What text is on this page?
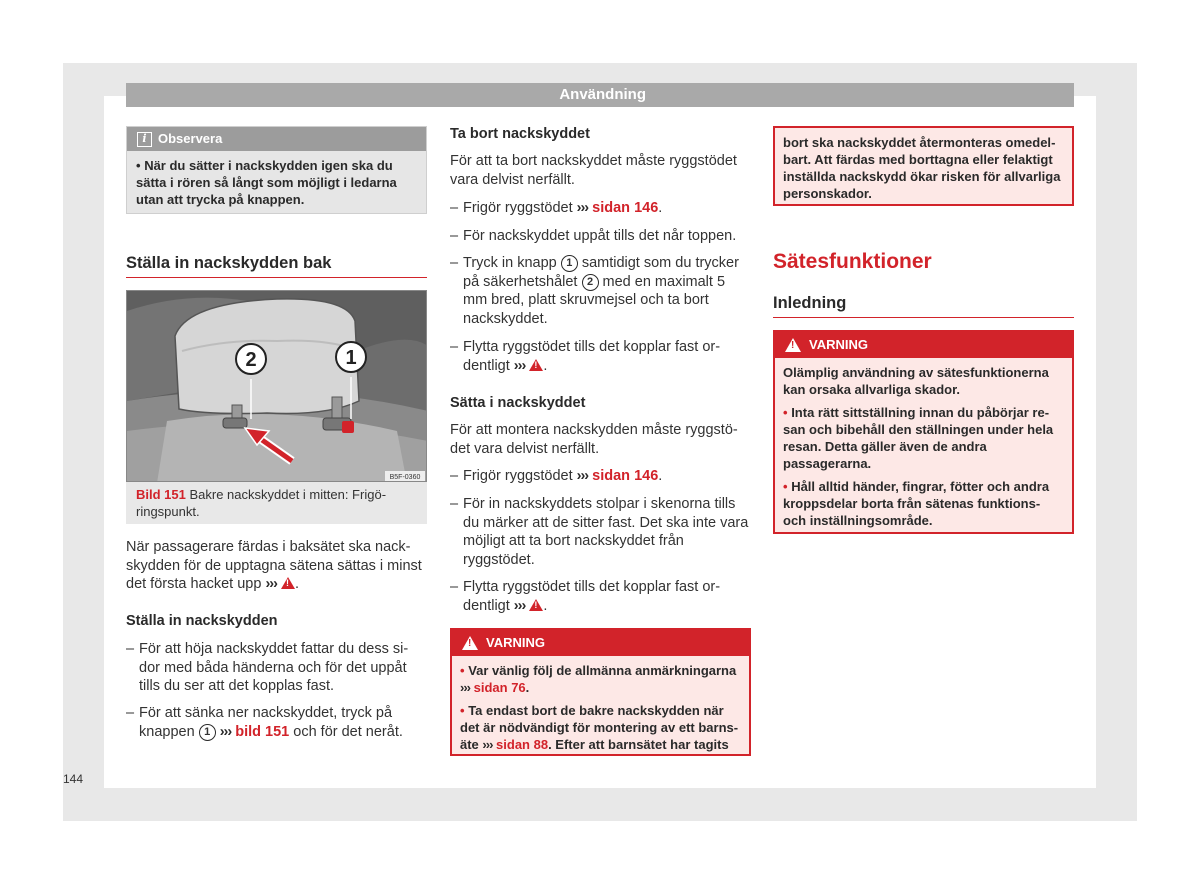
Användning
i Observera
• När du sätter i nackskydden igen ska du sätta i rören så långt som möjligt i ledarna utan att trycka på knappen.
Ställa in nackskydden bak
2	1
B5F-0360
Bild 151 Bakre nackskyddet i mitten: Frigöringspunkt.
När passagerare färdas i baksätet ska nackskydden för de upptagna sätena sättas i minst det första hacket upp ››› ! .
Ställa in nackskydden
– För att höja nackskyddet fattar du dess sidor med båda händerna och för det uppåt tills du ser att det kopplas fast.
– För att sänka ner nackskyddet, tryck på knappen 1 ››› bild 151 och för det neråt.
Ta bort nackskyddet
För att ta bort nackskyddet måste ryggstödet vara delvist nerfällt.
– Frigör ryggstödet ››› sidan 146.
– För nackskyddet uppåt tills det når toppen.
– Tryck in knapp 1 samtidigt som du trycker på säkerhetshålet 2 med en maximalt 5 mm bred, platt skruvmejsel och ta bort nackskyddet.
– Flytta ryggstödet tills det kopplar fast ordentligt ››› ! .
Sätta i nackskyddet
För att montera nackskydden måste ryggstödet vara delvist nerfällt.
– Frigör ryggstödet ››› sidan 146.
– För in nackskyddets stolpar i skenorna tills du märker att de sitter fast. Det ska inte vara möjligt att ta bort nackskyddet från ryggstödet.
– Flytta ryggstödet tills det kopplar fast ordentligt ››› ! .
!
VARNING

• Var vänlig följ de allmänna anmärkningarna ››› sidan 76.

• Ta endast bort de bakre nackskydden när det är nödvändigt för montering av ett barnsäte ››› sidan 88. Efter att barnsätet har tagits

bort ska nackskyddet återmonteras omedelbart. Att färdas med borttagna eller felaktigt inställda nackskydd ökar risken för allvarliga personskador.
Sätesfunktioner
Inledning
!
VARNING

Olämplig användning av sätesfunktionerna kan orsaka allvarliga skador.

• Inta rätt sittställning innan du påbörjar resan och bibehåll den ställningen under hela resan. Detta gäller även de andra passagerarna.

• Håll alltid händer, fingrar, fötter och andra kroppsdelar borta från sätenas funktions- och inställningsområde.

144
